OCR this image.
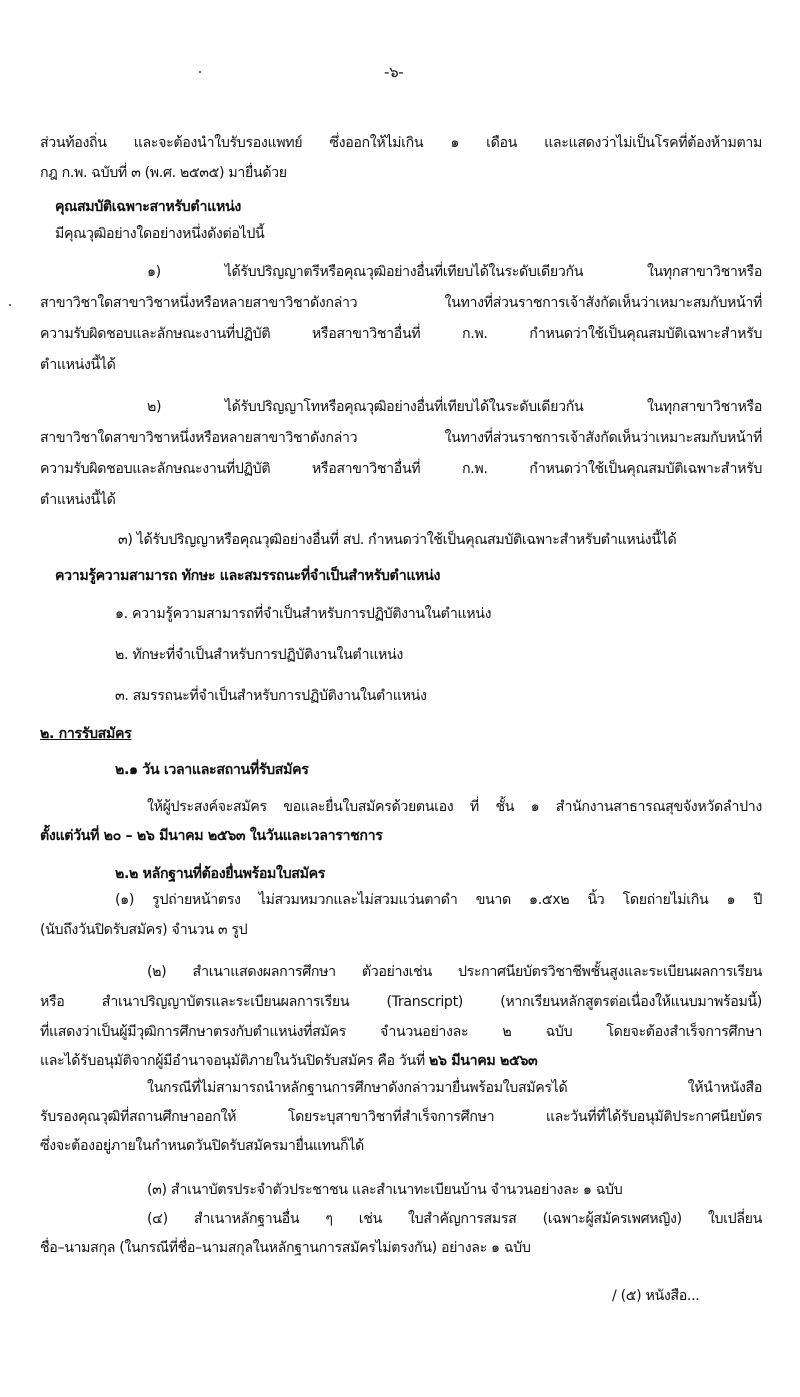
-๖-
ส่วนท้องถิ่น และจะต้องนำใบรับรองแพทย์ ซึ่งออกให้ไม่เกิน ๑ เดือน และแสดงว่าไม่เป็นโรคที่ต้องห้ามตาม
กฎ ก.พ. ฉบับที่ ๓ (พ.ศ. ๒๕๓๕) มายื่นด้วย
คุณสมบัติเฉพาะสาหรับตำแหน่ง
มีคุณวุฒิอย่างใดอย่างหนึ่งดังต่อไปนี้
๑) ได้รับปริญญาตรีหรือคุณวุฒิอย่างอื่นที่เทียบได้ในระดับเดียวกัน ในทุกสาขาวิชาหรือ
สาขาวิชาใดสาขาวิชาหนึ่งหรือหลายสาขาวิชาดังกล่าว ในทางที่ส่วนราชการเจ้าสังกัดเห็นว่าเหมาะสมกับหน้าที่
ความรับผิดชอบและลักษณะงานที่ปฏิบัติ หรือสาขาวิชาอื่นที่ ก.พ. กำหนดว่าใช้เป็นคุณสมบัติเฉพาะสำหรับ
ตำแหน่งนี้ได้
๒) ได้รับปริญญาโทหรือคุณวุฒิอย่างอื่นที่เทียบได้ในระดับเดียวกัน ในทุกสาขาวิชาหรือ
สาขาวิชาใดสาขาวิชาหนึ่งหรือหลายสาขาวิชาดังกล่าว ในทางที่ส่วนราชการเจ้าสังกัดเห็นว่าเหมาะสมกับหน้าที่
ความรับผิดชอบและลักษณะงานที่ปฏิบัติ หรือสาขาวิชาอื่นที่ ก.พ. กำหนดว่าใช้เป็นคุณสมบัติเฉพาะสำหรับ
ตำแหน่งนี้ได้
๓) ได้รับปริญญาหรือคุณวุฒิอย่างอื่นที่ สป. กำหนดว่าใช้เป็นคุณสมบัติเฉพาะสำหรับตำแหน่งนี้ได้
ความรู้ความสามารถ ทักษะ และสมรรถนะที่จำเป็นสำหรับตำแหน่ง
๑. ความรู้ความสามารถที่จำเป็นสำหรับการปฏิบัติงานในตำแหน่ง
๒. ทักษะที่จำเป็นสำหรับการปฏิบัติงานในตำแหน่ง
๓. สมรรถนะที่จำเป็นสำหรับการปฏิบัติงานในตำแหน่ง
๒. การรับสมัคร
๒.๑ วัน เวลาและสถานที่รับสมัคร
ให้ผู้ประสงค์จะสมัคร ขอและยื่นใบสมัครด้วยตนเอง ที่ ชั้น ๑ สำนักงานสาธารณสุขจังหวัดลำปาง
ตั้งแต่วันที่ ๒๐ – ๒๖ มีนาคม ๒๕๖๓ ในวันและเวลาราชการ
๒.๒ หลักฐานที่ต้องยื่นพร้อมใบสมัคร
(๑) รูปถ่ายหน้าตรง ไม่สวมหมวกและไม่สวมแว่นตาดำ ขนาด ๑.๕x๒ นิ้ว โดยถ่ายไม่เกิน ๑ ปี
(นับถึงวันปิดรับสมัคร) จำนวน ๓ รูป
(๒) สำเนาแสดงผลการศึกษา ตัวอย่างเช่น ประกาศนียบัตรวิชาชีพชั้นสูงและระเบียนผลการเรียน
หรือ สำเนาปริญญาบัตรและระเบียนผลการเรียน (Transcript) (หากเรียนหลักสูตรต่อเนื่องให้แนบมาพร้อมนี้)
ที่แสดงว่าเป็นผู้มีวุฒิการศึกษาตรงกับตำแหน่งที่สมัคร จำนวนอย่างละ ๒ ฉบับ โดยจะต้องสำเร็จการศึกษา
และได้รับอนุมัติจากผู้มีอำนาจอนุมัติภายในวันปิดรับสมัคร คือ วันที่ ๒๖ มีนาคม ๒๕๖๓
ในกรณีที่ไม่สามารถนำหลักฐานการศึกษาดังกล่าวมายื่นพร้อมใบสมัครได้ ให้นำหนังสือ
รับรองคุณวุฒิที่สถานศึกษาออกให้ โดยระบุสาขาวิชาที่สำเร็จการศึกษา และวันที่ที่ได้รับอนุมัติประกาศนียบัตร
ซึ่งจะต้องอยู่ภายในกำหนดวันปิดรับสมัครมายื่นแทนก็ได้
(๓) สำเนาบัตรประจำตัวประชาชน และสำเนาทะเบียนบ้าน จำนวนอย่างละ ๑ ฉบับ
(๔) สำเนาหลักฐานอื่น ๆ เช่น ใบสำคัญการสมรส (เฉพาะผู้สมัครเพศหญิง) ใบเปลี่ยน
ชื่อ–นามสกุล (ในกรณีที่ชื่อ–นามสกุลในหลักฐานการสมัครไม่ตรงกัน) อย่างละ ๑ ฉบับ
/ (๕) หนังสือ...
